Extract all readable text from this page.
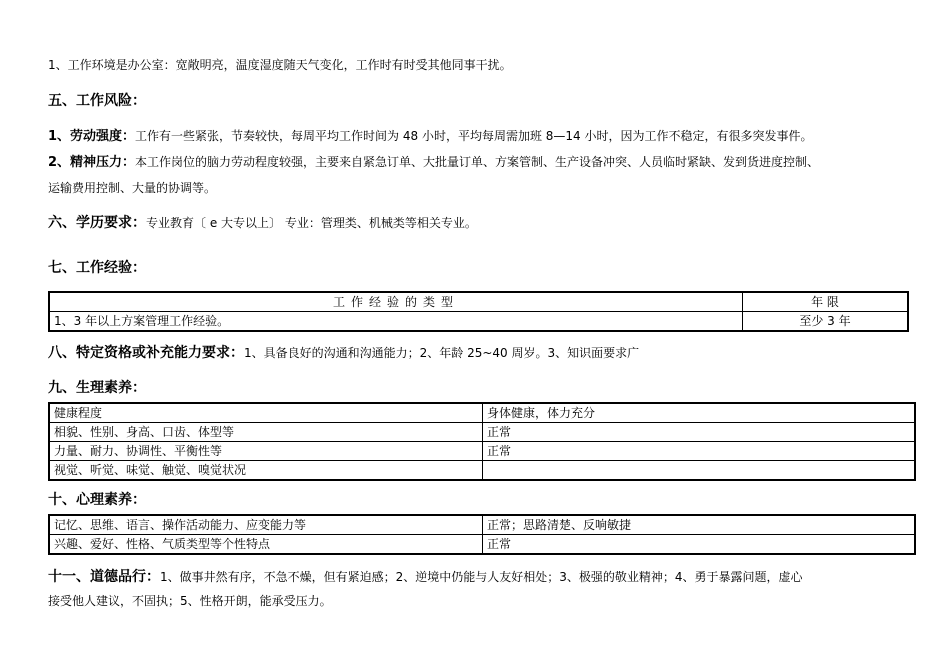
1、工作环境是办公室：宽敞明亮，温度湿度随天气变化，工作时有时受其他同事干扰。
五、工作风险：
1、劳动强度：工作有一些紧张，节奏较快，每周平均工作时间为 48 小时，平均每周需加班 8—14 小时，因为工作不稳定，有很多突发事件。
2、精神压力：本工作岗位的脑力劳动程度较强，主要来自紧急订单、大批量订单、方案管制、生产设备冲突、人员临时紧缺、发到货进度控制、
运输费用控制、大量的协调等。
六、学历要求：专业教育〔 e 大专以上〕 专业：管理类、机械类等相关专业。
七、工作经验：
工作经验的类型	年 限
1、3 年以上方案管理工作经验。	至少 3 年
八、特定资格或补充能力要求：1、具备良好的沟通和沟通能力；2、年龄 25~40 周岁。3、知识面要求广
九、生理素养：
健康程度	身体健康，体力充分
相貌、性别、身高、口齿、体型等	正常
力量、耐力、协调性、平衡性等	正常
视觉、听觉、味觉、触觉、嗅觉状况	
十、心理素养：
记忆、思维、语言、操作活动能力、应变能力等	正常；思路清楚、反响敏捷
兴趣、爱好、性格、气质类型等个性特点	正常
十一、道德品行：1、做事井然有序，不急不燥，但有紧迫感；2、逆境中仍能与人友好相处；3、极强的敬业精神；4、勇于暴露问题，虚心
接受他人建议，不固执；5、性格开朗，能承受压力。
